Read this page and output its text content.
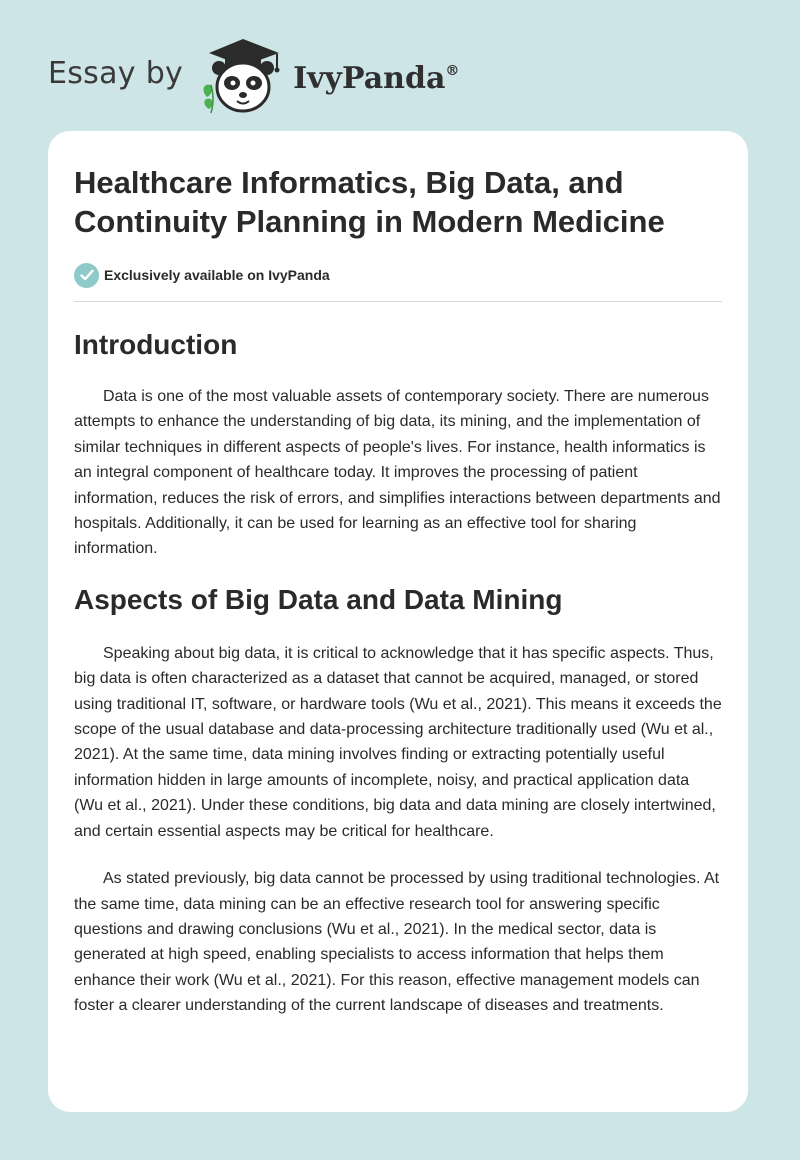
Essay by	IvyPanda®
Healthcare Informatics, Big Data, and Continuity Planning in Modern Medicine
Exclusively available on IvyPanda
Introduction

Data is one of the most valuable assets of contemporary society. There are numerous attempts to enhance the understanding of big data, its mining, and the implementation of similar techniques in different aspects of people's lives. For instance, health informatics is an integral component of healthcare today. It improves the processing of patient information, reduces the risk of errors, and simplifies interactions between departments and hospitals. Additionally, it can be used for learning as an effective tool for sharing information.

Aspects of Big Data and Data Mining

Speaking about big data, it is critical to acknowledge that it has specific aspects. Thus, big data is often characterized as a dataset that cannot be acquired, managed, or stored using traditional IT, software, or hardware tools (Wu et al., 2021). This means it exceeds the scope of the usual database and data-processing architecture traditionally used (Wu et al., 2021). At the same time, data mining involves finding or extracting potentially useful information hidden in large amounts of incomplete, noisy, and practical application data (Wu et al., 2021). Under these conditions, big data and data mining are closely intertwined, and certain essential aspects may be critical for healthcare.

As stated previously, big data cannot be processed by using traditional technologies. At the same time, data mining can be an effective research tool for answering specific questions and drawing conclusions (Wu et al., 2021). In the medical sector, data is generated at high speed, enabling specialists to access information that helps them enhance their work (Wu et al., 2021). For this reason, effective management models can foster a clearer understanding of the current landscape of diseases and treatments.
